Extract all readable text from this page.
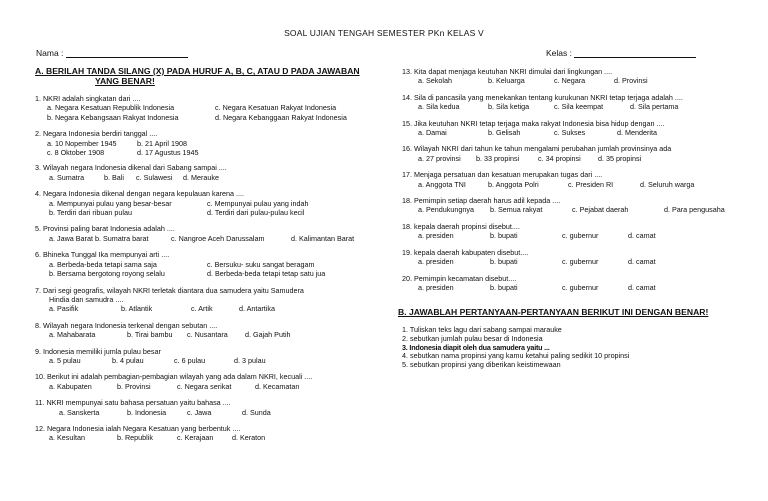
SOAL UJIAN TENGAH SEMESTER PKn KELAS V
Nama :	Kelas :
A. BERILAH TANDA SILANG (X) PADA HURUF A, B, C, ATAU D PADA JAWABAN
YANG BENAR!
1. NKRI adalah singkatan dari ....
a. Negara Kesatuan Republik Indonesia	c. Negara Kesatuan Rakyat Indonesia
b. Negara Kebangsaan Rakyat Indonesia	d. Negara Kebanggaan Rakyat Indonesia
2. Negara Indonesia berdiri tanggal ....
a. 10 Nopember 1945	b. 21 April 1908
c. 8 Oktober 1908	d. 17 Agustus 1945
3. Wilayah negara Indonesia dikenal dari Sabang sampai ....
a. Sumatra	b. Bali c. Sulawesi d. Merauke
4. Negara Indonesia dikenal dengan negara kepulauan karena ....
a. Mempunyai pulau yang besar-besar	c. Mempunyai pulau yang indah
b. Terdiri dari ribuan pulau	d. Terdiri dari pulau-pulau kecil
5. Provinsi paling barat Indonesia adalah ....
a. Jawa Barat b. Sumatra barat	c. Nangroe Aceh Darussalam	d. Kalimantan Barat
6. Bhineka Tunggal Ika mempunyai arti ....
a. Berbeda-beda tetapi sama saja	c. Bersuku- suku sangat beragam
b. Bersama bergotong royong selalu	d. Berbeda-beda tetapi tetap satu jua
7. Dari segi geografis, wilayah NKRI terletak diantara dua samudera yaitu Samudera
Hindia dan samudra ....
a. Pasifik	b. Atlantik	c. Artik	d. Antartika
8. Wilayah negara Indonesia terkenal dengan sebutan ....
a. Mahabarata	b. Tirai bambu c. Nusantara d. Gajah Putih
9. Indonesia memiliki jumla pulau besar
a. 5 pulau	b. 4 pulau	c. 6 pulau	d. 3 pulau
10. Berikut ini adalah pembagian-pembagian wilayah yang ada dalam NKRI, kecuali ....
a. Kabupaten	b. Provinsi	c. Negara serikat	d. Kecamatan
11. NKRI mempunyai satu bahasa persatuan yaitu bahasa ....
a. Sanskerta	b. Indonesia	c. Jawa	d. Sunda
12. Negara Indonesia ialah Negara Kesatuan yang berbentuk ....
a. Kesultan	b. Republik	c. Kerajaan	d. Keraton
13. Kita dapat menjaga keutuhan NKRI dimulai dari lingkungan ....
a. Sekolah	b. Keluarga	c. Negara	d. Provinsi
14. Sila di pancasila yang menekankan tentang kurukunan NKRI tetap terjaga adalah ....
a. Sila kedua	b. Sila ketiga	c. Sila keempat	d. Sila pertama
15. Jika keutuhan NKRI tetap terjaga maka rakyat Indonesia bisa hidup dengan ....
a. Damai	b. Gelisah	c. Sukses	d. Menderita
16. Wilayah NKRI dari tahun ke tahun mengalami perubahan jumlah provinsinya ada
a. 27 provinsi b. 33 propinsi	c. 34 propinsi d. 35 propinsi
17. Menjaga persatuan dan kesatuan merupakan tugas dari ....
a. Anggota TNI	b. Anggota Polri	c. Presiden RI	d. Seluruh warga
18. Pemimpin setiap daerah harus adil kepada ....
a. Pendukungnya b. Semua rakyat	c. Pejabat daerah	d. Para pengusaha
18. kepala daerah propinsi disebut....
a. presiden	b. bupati	c. gubernur	d. camat
19. kepala daerah kabupaten disebut....
a. presiden	b. bupati	c. gubernur	d. camat
20. Pemimpin kecamatan disebut....
a. presiden	b. bupati	c. gubernur	d. camat
B. JAWABLAH PERTANYAAN-PERTANYAAN BERIKUT INI DENGAN BENAR!
1. Tuliskan teks lagu dari sabang sampai marauke
2. sebutkan jumlah pulau besar di Indonesia
3. Indonesia diapit oleh dua samudera yaitu ...
4. sebutkan nama propinsi yang kamu ketahui paling sedikit 10 propinsi
5. sebutkan propinsi yang diberikan keistimewaan
